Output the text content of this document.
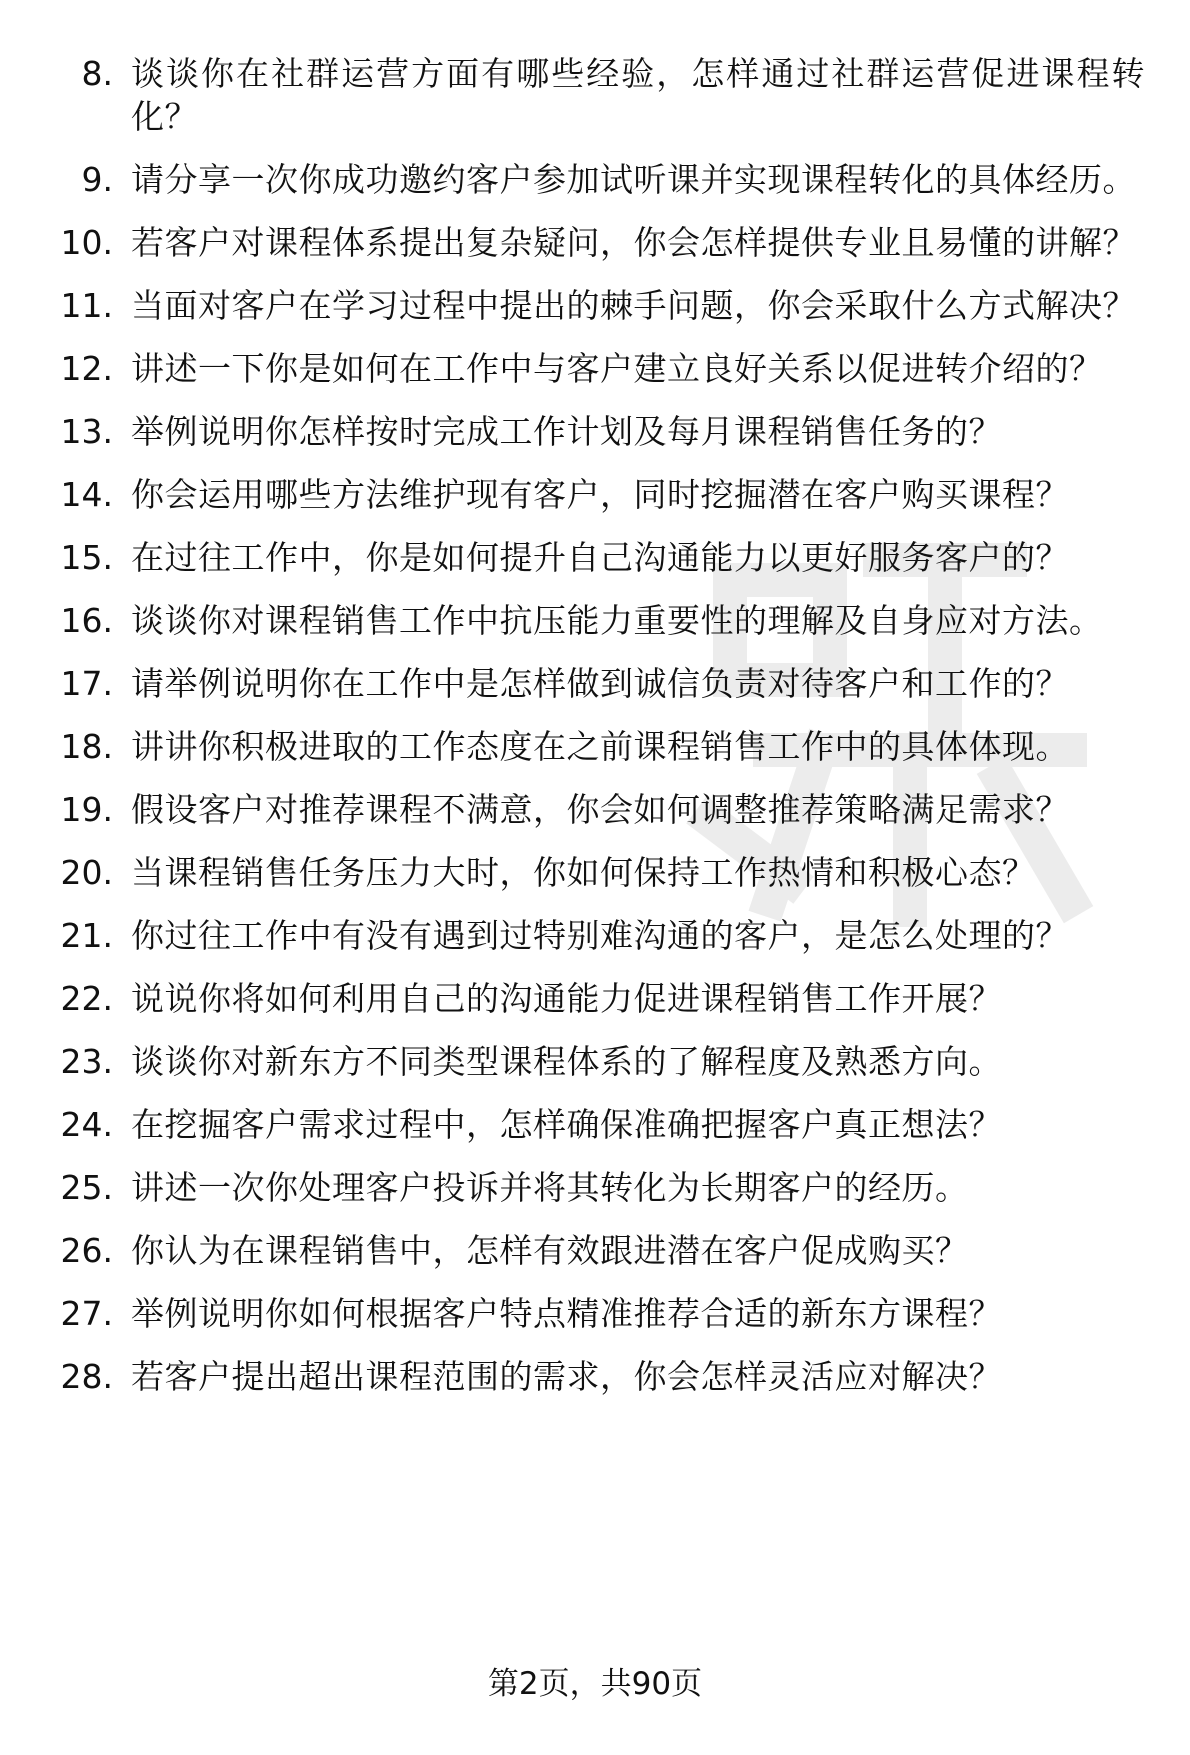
8. 谈谈你在社群运营方面有哪些经验，怎样通过社群运营促进课程转化？
9. 请分享一次你成功邀约客户参加试听课并实现课程转化的具体经历。
10. 若客户对课程体系提出复杂疑问，你会怎样提供专业且易懂的讲解？
11. 当面对客户在学习过程中提出的棘手问题，你会采取什么方式解决？
12. 讲述一下你是如何在工作中与客户建立良好关系以促进转介绍的？
13. 举例说明你怎样按时完成工作计划及每月课程销售任务的？
14. 你会运用哪些方法维护现有客户，同时挖掘潜在客户购买课程？
15. 在过往工作中，你是如何提升自己沟通能力以更好服务客户的？
16. 谈谈你对课程销售工作中抗压能力重要性的理解及自身应对方法。
17. 请举例说明你在工作中是怎样做到诚信负责对待客户和工作的？
18. 讲讲你积极进取的工作态度在之前课程销售工作中的具体体现。
19. 假设客户对推荐课程不满意，你会如何调整推荐策略满足需求？
20. 当课程销售任务压力大时，你如何保持工作热情和积极心态？
21. 你过往工作中有没有遇到过特别难沟通的客户，是怎么处理的？
22. 说说你将如何利用自己的沟通能力促进课程销售工作开展？
23. 谈谈你对新东方不同类型课程体系的了解程度及熟悉方向。
24. 在挖掘客户需求过程中，怎样确保准确把握客户真正想法？
25. 讲述一次你处理客户投诉并将其转化为长期客户的经历。
26. 你认为在课程销售中，怎样有效跟进潜在客户促成购买？
27. 举例说明你如何根据客户特点精准推荐合适的新东方课程？
28. 若客户提出超出课程范围的需求，你会怎样灵活应对解决？
第2页，共90页
